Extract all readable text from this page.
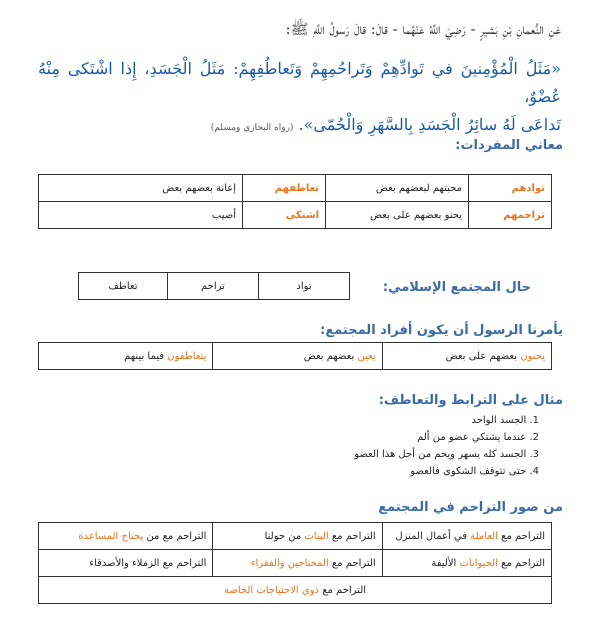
عَنِ النُّعمانِ بْنِ بَشيرٍ - رَضِيَ اللَّهُ عَنْهُما - قالَ: قالَ رَسولُ اللَّهِ ﷺ:
«مَثَلُ الْمُؤْمِنينَ في تَوادِّهِمْ وَتَراحُمِهِمْ وَتَعاطُفِهِمْ: مَثَلُ الْجَسَدِ، إِذا اشْتَكى مِنْهُ عُضْوٌ،
تَداعَى لَهُ سائِرُ الْجَسَدِ بِالسَّهَرِ وَالْحُمّى». (رواه البخاري ومسلم)
معاني المفردات:
توادهم	محبتهم لبعضهم بعض	تعاطفهم	إعانة بعضهم بعض
تراحمهم	يحنو بعضهم على بعض	اشتكى	أصيب
حال المجتمع الإسلامي:
تواد	تراحم	تعاطف
يأمرنا الرسول أن يكون أفراد المجتمع:
يحنون بعضهم على بعض	يعين بعضهم بعض	يتعاطفون فيما بينهم
مثال على الترابط والتعاطف:
1. الجسد الواحد
2. عندما يشتكي عضو من ألم
3. الجسد كله يسهر ويحم من أجل هذا العضو
4. حتى تتوقف الشكوى فالعضو
من صور التراحم في المجتمع
التراحم مع العاملة في أعمال المنزل	التراحم مع البنات من حولنا	التراحم مع من يحتاج المساعدة
التراحم مع الحيوانات الأليفة	التراحم مع المحتاجين والفقراء	التراحم مع الزملاء والأصدقاء
التراحم مع ذوي الاحتياجات الخاصة		
